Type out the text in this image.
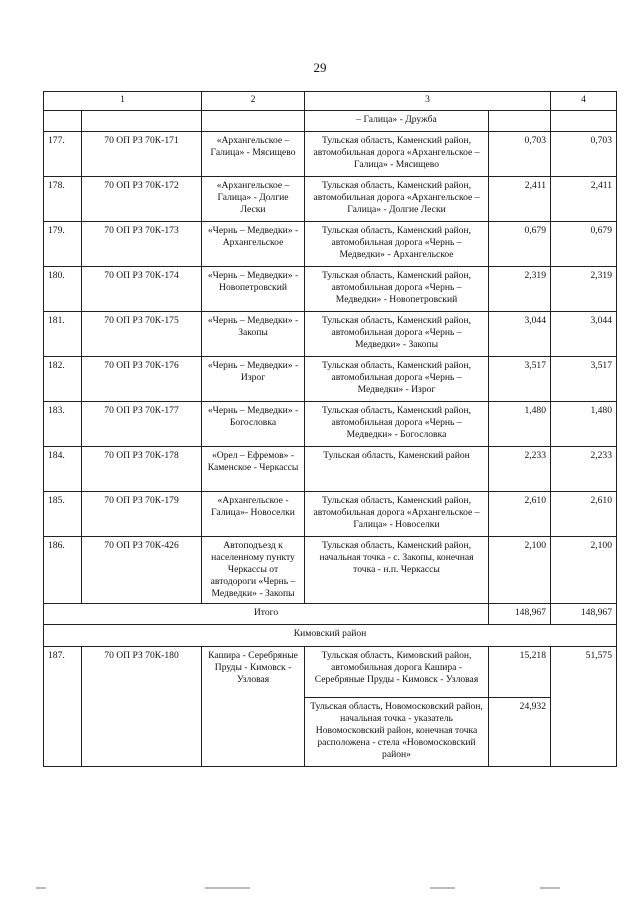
29
1		2	3		4
			– Галица» - Дружба		
177.	70 ОП РЗ 70К-171	«Архангельское – Галица» - Мясищево	Тульская область, Каменский район, автомобильная дорога «Архангельское – Галица» - Мясищево	0,703	0,703
178.	70 ОП РЗ 70К-172	«Архангельское – Галица» - Долгие Лески	Тульская область, Каменский район, автомобильная дорога «Архангельское – Галица» - Долгие Лески	2,411	2,411
179.	70 ОП РЗ 70К-173	«Чернь – Медведки» - Архангельское	Тульская область, Каменский район, автомобильная дорога «Чернь – Медведки» - Архангельское	0,679	0,679
180.	70 ОП РЗ 70К-174	«Чернь – Медведки» - Новопетровский	Тульская область, Каменский район, автомобильная дорога «Чернь – Медведки» - Новопетровский	2,319	2,319
181.	70 ОП РЗ 70К-175	«Чернь – Медведки» - Закопы	Тульская область, Каменский район, автомобильная дорога «Чернь – Медведки» - Закопы	3,044	3,044
182.	70 ОП РЗ 70К-176	«Чернь – Медведки» - Изрог	Тульская область, Каменский район, автомобильная дорога «Чернь – Медведки» - Изрог	3,517	3,517
183.	70 ОП РЗ 70К-177	«Чернь – Медведки» - Богословка	Тульская область, Каменский район, автомобильная дорога «Чернь – Медведки» - Богословка	1,480	1,480
184.	70 ОП РЗ 70К-178	«Орел – Ефремов» - Каменское - Черкассы	Тульская область, Каменский район	2,233	2,233
185.	70 ОП РЗ 70К-179	«Архангельское - Галица»- Новоселки	Тульская область, Каменский район, автомобильная дорога «Архангельское – Галица» - Новоселки	2,610	2,610
186.	70 ОП РЗ 70К-426	Автоподъезд к населенному пункту Черкассы от автодороги «Чернь – Медведки» - Закопы	Тульская область, Каменский район, начальная точка - с. Закопы, конечная точка - н.п. Черкассы	2,100	2,100
Итого				148,967	148,967
Кимовский район					
187.	70 ОП РЗ 70К-180	Кашира - Серебряные Пруды - Кимовск - Узловая	Тульская область, Кимовский район, автомобильная дорога Кашира - Серебряные Пруды - Кимовск - Узловая	15,218	51,575
			Тульская область, Новомосковский район, начальная точка - указатель Новомосковский район, конечная точка расположена - стела «Новомосковский район»	24,932	
